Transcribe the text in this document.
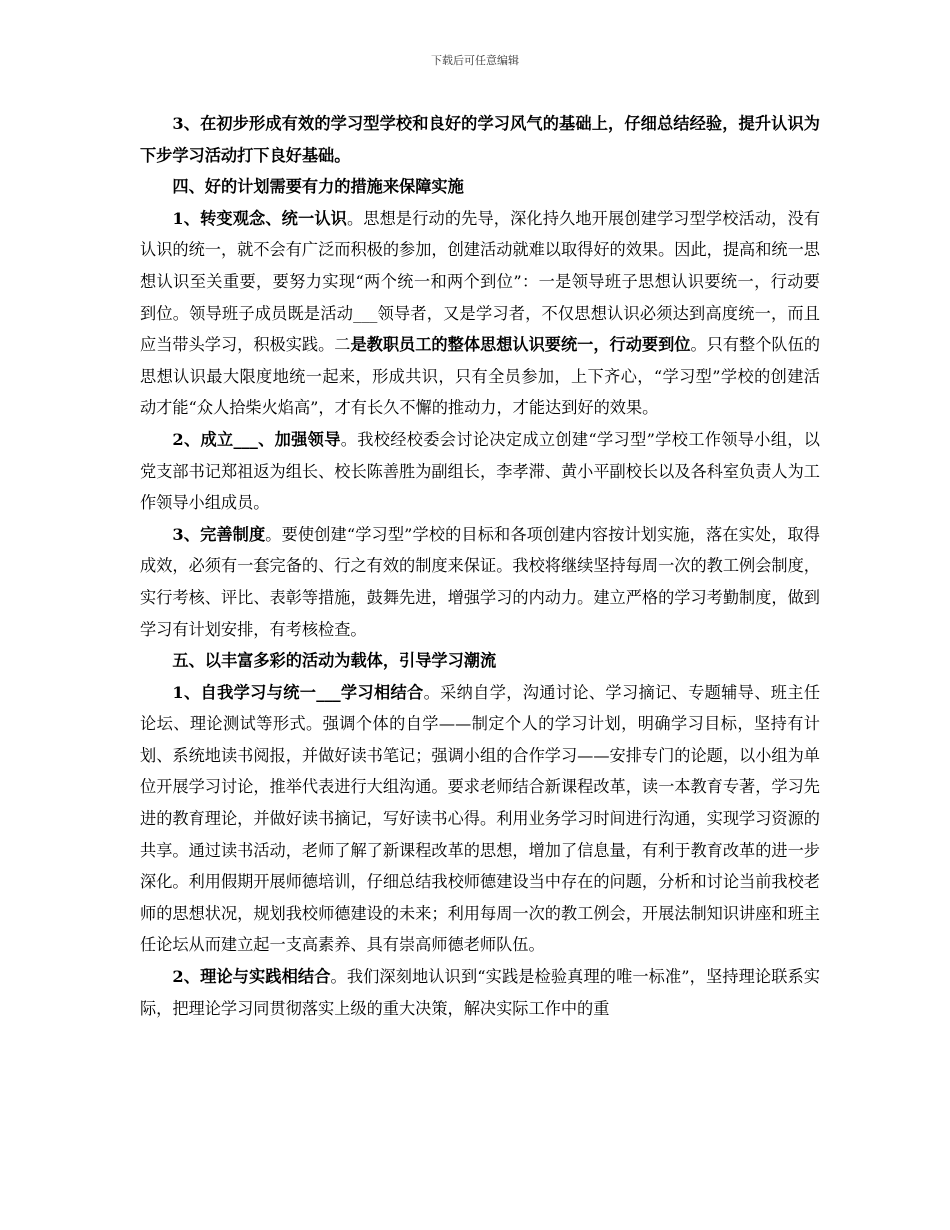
下载后可任意编辑

3、在初步形成有效的学习型学校和良好的学习风气的基础上，仔细总结经验，提升认识为下步学习活动打下良好基础。

四、好的计划需要有力的措施来保障实施

1、转变观念、统一认识。思想是行动的先导，深化持久地开展创建学习型学校活动，没有认识的统一，就不会有广泛而积极的参加，创建活动就难以取得好的效果。因此，提高和统一思想认识至关重要，要努力实现“两个统一和两个到位”：一是领导班子思想认识要统一，行动要到位。领导班子成员既是活动___领导者，又是学习者，不仅思想认识必须达到高度统一，而且应当带头学习，积极实践。二是教职员工的整体思想认识要统一，行动要到位。只有整个队伍的思想认识最大限度地统一起来，形成共识，只有全员参加，上下齐心，“学习型”学校的创建活动才能“众人拾柴火焰高”，才有长久不懈的推动力，才能达到好的效果。

2、成立___、加强领导。我校经校委会讨论决定成立创建“学习型”学校工作领导小组，以党支部书记郑祖返为组长、校长陈善胜为副组长，李孝滞、黄小平副校长以及各科室负责人为工作领导小组成员。

3、完善制度。要使创建“学习型”学校的目标和各项创建内容按计划实施，落在实处，取得成效，必须有一套完备的、行之有效的制度来保证。我校将继续坚持每周一次的教工例会制度，实行考核、评比、表彰等措施，鼓舞先进，增强学习的内动力。建立严格的学习考勤制度，做到学习有计划安排，有考核检查。

五、以丰富多彩的活动为载体，引导学习潮流

1、自我学习与统一___学习相结合。采纳自学，沟通讨论、学习摘记、专题辅导、班主任论坛、理论测试等形式。强调个体的自学——制定个人的学习计划，明确学习目标，坚持有计划、系统地读书阅报，并做好读书笔记；强调小组的合作学习——安排专门的论题，以小组为单位开展学习讨论，推举代表进行大组沟通。要求老师结合新课程改革，读一本教育专著，学习先进的教育理论，并做好读书摘记，写好读书心得。利用业务学习时间进行沟通，实现学习资源的共享。通过读书活动，老师了解了新课程改革的思想，增加了信息量，有利于教育改革的进一步深化。利用假期开展师德培训，仔细总结我校师德建设当中存在的问题，分析和讨论当前我校老师的思想状况，规划我校师德建设的未来；利用每周一次的教工例会，开展法制知识讲座和班主任论坛从而建立起一支高素养、具有崇高师德老师队伍。

2、理论与实践相结合。我们深刻地认识到“实践是检验真理的唯一标准”，坚持理论联系实际，把理论学习同贯彻落实上级的重大决策，解决实际工作中的重
